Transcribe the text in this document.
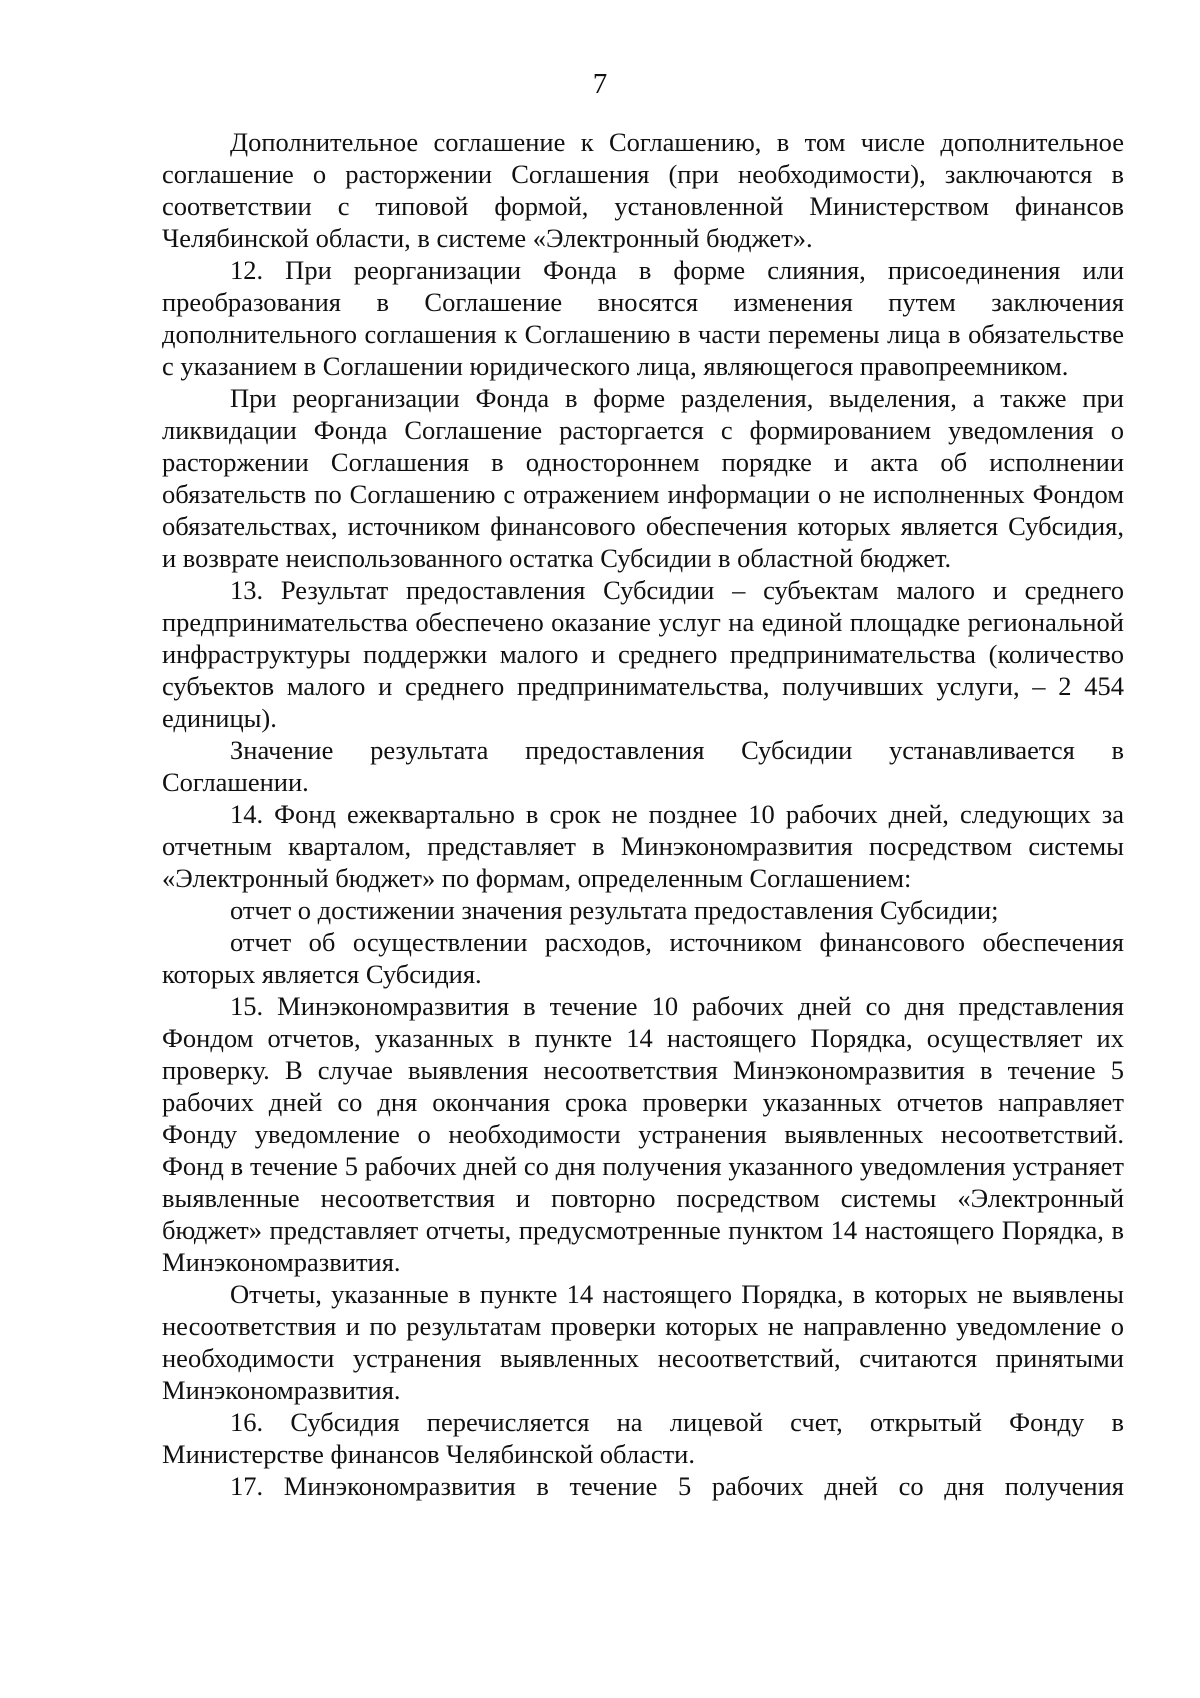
7

Дополнительное соглашение к Соглашению, в том числе дополнительное соглашение о расторжении Соглашения (при необходимости), заключаются в соответствии с типовой формой, установленной Министерством финансов Челябинской области, в системе «Электронный бюджет».

12. При реорганизации Фонда в форме слияния, присоединения или преобразования в Соглашение вносятся изменения путем заключения дополнительного соглашения к Соглашению в части перемены лица в обязательстве с указанием в Соглашении юридического лица, являющегося правопреемником.

При реорганизации Фонда в форме разделения, выделения, а также при ликвидации Фонда Соглашение расторгается с формированием уведомления о расторжении Соглашения в одностороннем порядке и акта об исполнении обязательств по Соглашению с отражением информации о не исполненных Фондом обязательствах, источником финансового обеспечения которых является Субсидия, и возврате неиспользованного остатка Субсидии в областной бюджет.

13. Результат предоставления Субсидии – субъектам малого и среднего предпринимательства обеспечено оказание услуг на единой площадке региональной инфраструктуры поддержки малого и среднего предпринимательства (количество субъектов малого и среднего предпринимательства, получивших услуги, – 2 454 единицы).

Значение результата предоставления Субсидии устанавливается в Соглашении.

14. Фонд ежеквартально в срок не позднее 10 рабочих дней, следующих за отчетным кварталом, представляет в Минэкономразвития посредством системы «Электронный бюджет» по формам, определенным Соглашением:

отчет о достижении значения результата предоставления Субсидии;

отчет об осуществлении расходов, источником финансового обеспечения которых является Субсидия.

15. Минэкономразвития в течение 10 рабочих дней со дня представления Фондом отчетов, указанных в пункте 14 настоящего Порядка, осуществляет их проверку. В случае выявления несоответствия Минэкономразвития в течение 5 рабочих дней со дня окончания срока проверки указанных отчетов направляет Фонду уведомление о необходимости устранения выявленных несоответствий. Фонд в течение 5 рабочих дней со дня получения указанного уведомления устраняет выявленные несоответствия и повторно посредством системы «Электронный бюджет» представляет отчеты, предусмотренные пунктом 14 настоящего Порядка, в Минэкономразвития.

Отчеты, указанные в пункте 14 настоящего Порядка, в которых не выявлены несоответствия и по результатам проверки которых не направленно уведомление о необходимости устранения выявленных несоответствий, считаются принятыми Минэкономразвития.

16. Субсидия перечисляется на лицевой счет, открытый Фонду в Министерстве финансов Челябинской области.

17. Минэкономразвития в течение 5 рабочих дней со дня получения
